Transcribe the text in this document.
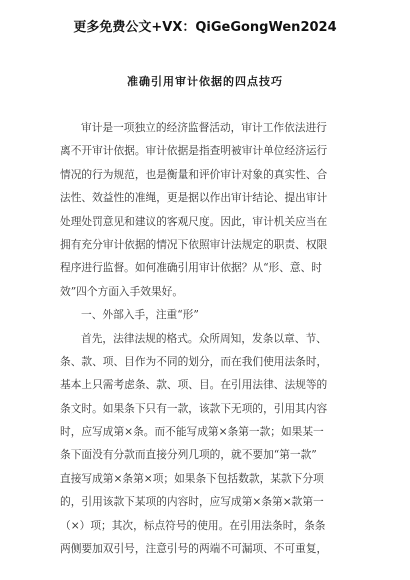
更多免费公文+VX：QiGeGongWen2024
准确引用审计依据的四点技巧
审计是一项独立的经济监督活动，审计工作依法进行
离不开审计依据。审计依据是指查明被审计单位经济运行
情况的行为规范，也是衡量和评价审计对象的真实性、合
法性、效益性的准绳，更是据以作出审计结论、提出审计
处理处罚意见和建议的客观尺度。因此，审计机关应当在
拥有充分审计依据的情况下依照审计法规定的职责、权限
程序进行监督。如何准确引用审计依据？从“形、意、时
效”四个方面入手效果好。
一、外部入手，注重“形”
首先，法律法规的格式。众所周知，发条以章、节、
条、款、项、目作为不同的划分，而在我们使用法条时，
基本上只需考虑条、款、项、目。在引用法律、法规等的
条文时。如果条下只有一款，该款下无项的，引用其内容
时，应写成第×条。而不能写成第×条第一款；如果某一
条下面没有分款而直接分列几项的，就不要加“第一款”
直接写成第×条第×项；如果条下包括数款，某款下分项
的，引用该款下某项的内容时，应写成第×条第×款第一
（×）项；其次，标点符号的使用。在引用法条时，条条
两侧要加双引号，注意引号的两端不可漏项、不可重复，
